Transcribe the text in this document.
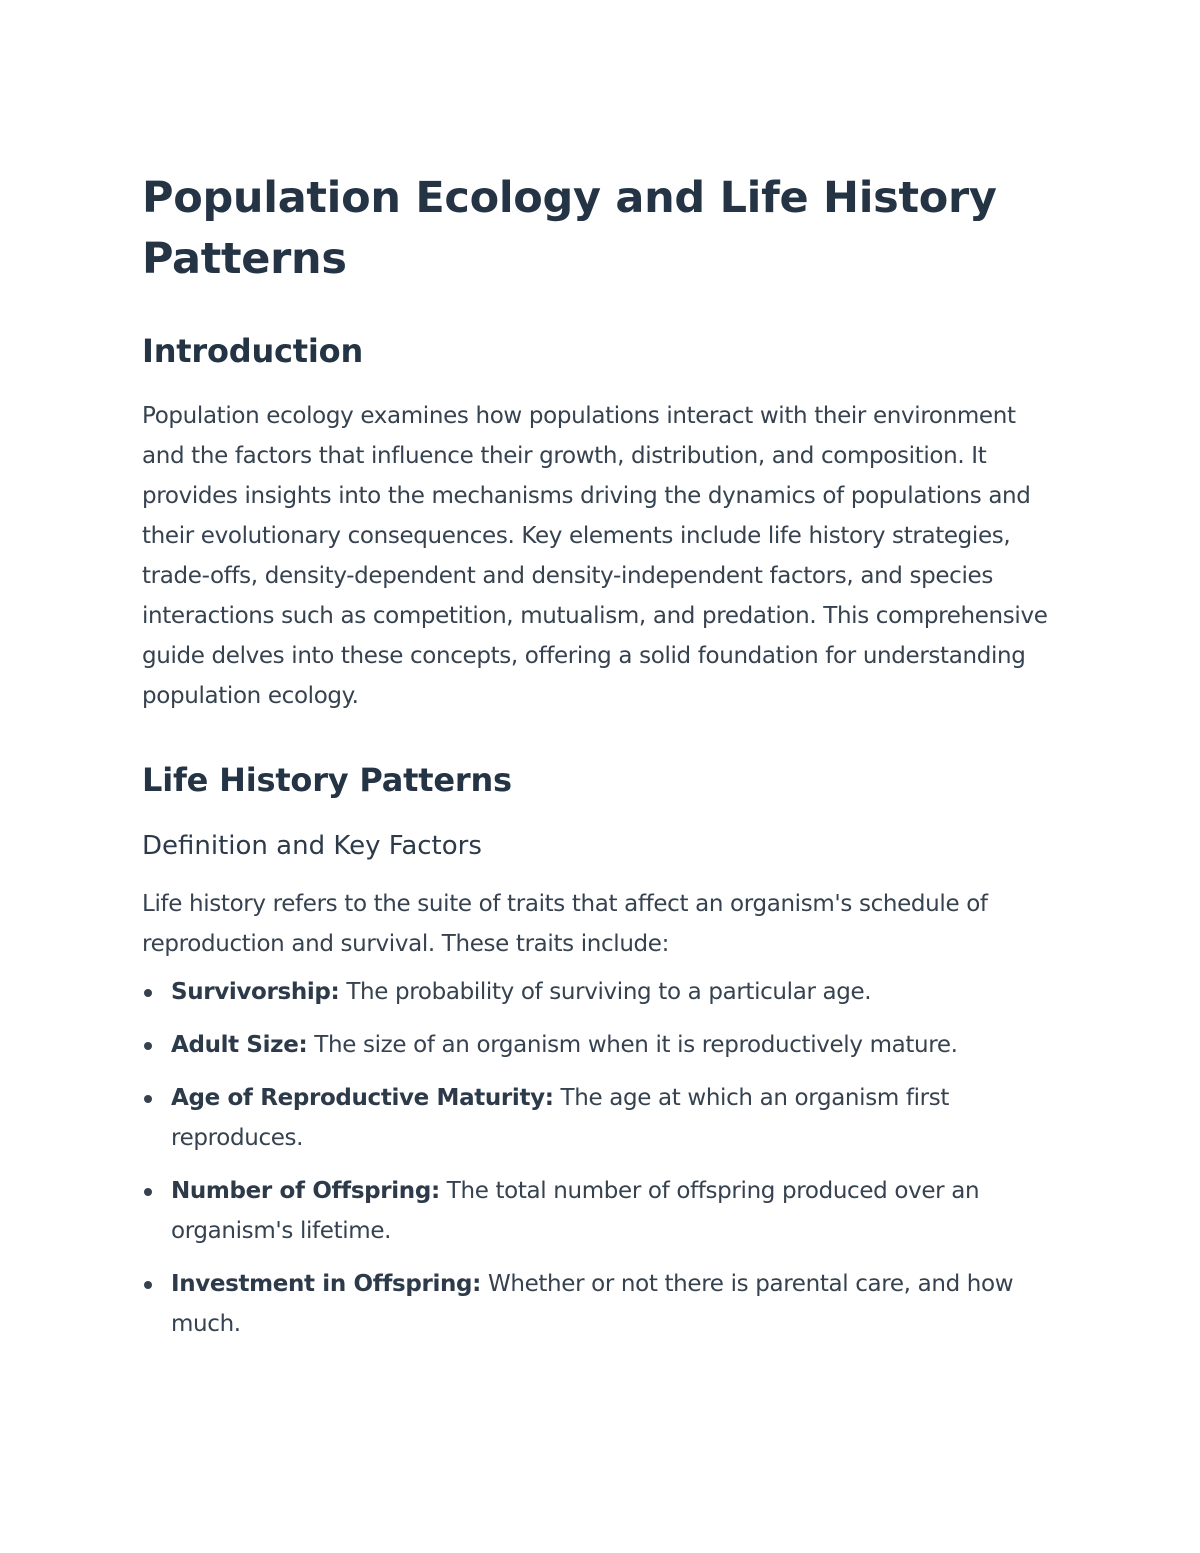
Population Ecology and Life History Patterns
Introduction

Population ecology examines how populations interact with their environment and the factors that influence their growth, distribution, and composition. It provides insights into the mechanisms driving the dynamics of populations and their evolutionary consequences. Key elements include life history strategies, trade-offs, density-dependent and density-independent factors, and species interactions such as competition, mutualism, and predation. This comprehensive guide delves into these concepts, offering a solid foundation for understanding population ecology.

Life History Patterns
Definition and Key Factors

Life history refers to the suite of traits that affect an organism's schedule of reproduction and survival. These traits include:

Survivorship: The probability of surviving to a particular age.
Adult Size: The size of an organism when it is reproductively mature.
Age of Reproductive Maturity: The age at which an organism first reproduces.
Number of Offspring: The total number of offspring produced over an organism's lifetime.
Investment in Offspring: Whether or not there is parental care, and how much.
